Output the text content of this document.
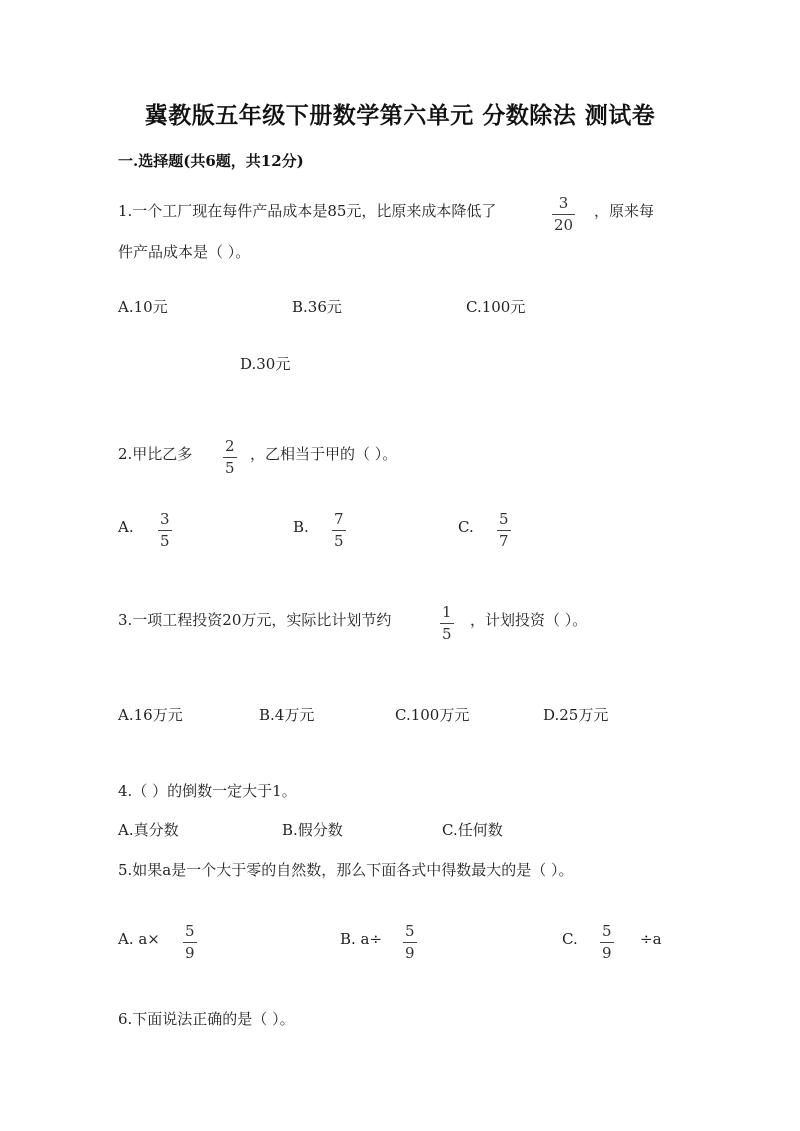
冀教版五年级下册数学第六单元 分数除法 测试卷
一.选择题(共6题，共12分)
1.一个工厂现在每件产品成本是85元，比原来成本降低了	3
20
，原来每
件产品成本是（ ）。
A.10元	B.36元	C.100元
D.30元
2.甲比乙多 2
5
，乙相当于甲的（ ）。
A. 3
5
B. 7
5
C. 5
7
3.一项工程投资20万元，实际比计划节约	1
5
，计划投资（ ）。
A.16万元	B.4万元	C.100万元	D.25万元
4.（ ）的倒数一定大于1。
A.真分数	B.假分数	C.任何数
5.如果a是一个大于零的自然数，那么下面各式中得数最大的是（ ）。
A. a× 5
9
B. a÷ 5
9
C. 5
9
÷a
6.下面说法正确的是（ ）。
